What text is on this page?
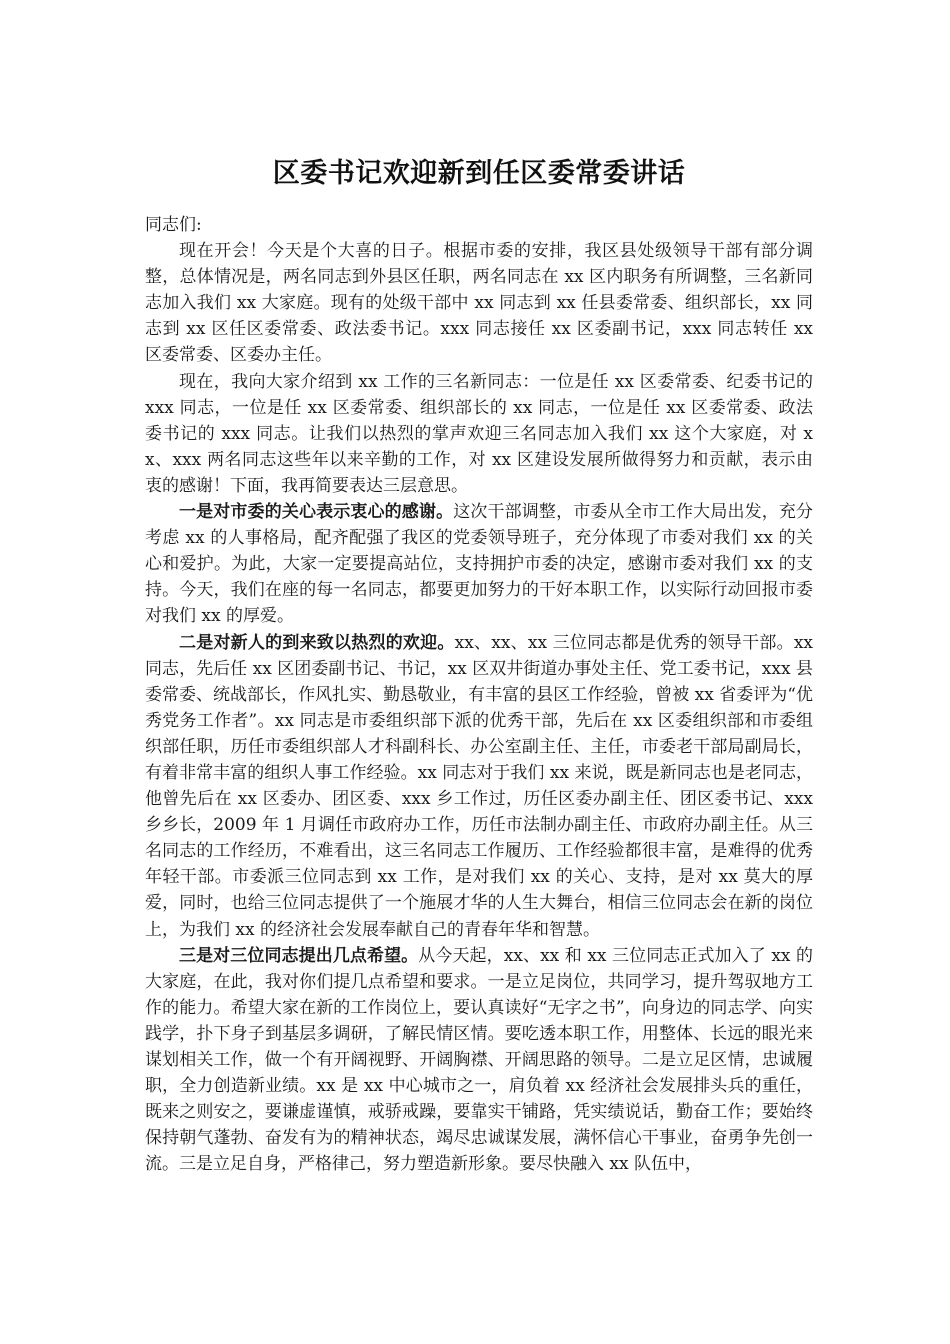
区委书记欢迎新到任区委常委讲话

同志们:

现在开会！今天是个大喜的日子。根据市委的安排，我区县处级领导干部有部分调整，总体情况是，两名同志到外县区任职，两名同志在 xx 区内职务有所调整，三名新同志加入我们 xx 大家庭。现有的处级干部中 xx 同志到 xx 任县委常委、组织部长，xx 同志到 xx 区任区委常委、政法委书记。xxx 同志接任 xx 区委副书记，xxx 同志转任 xx 区委常委、区委办主任。

现在，我向大家介绍到 xx 工作的三名新同志：一位是任 xx 区委常委、纪委书记的 xxx 同志，一位是任 xx 区委常委、组织部长的 xx 同志，一位是任 xx 区委常委、政法委书记的 xxx 同志。让我们以热烈的掌声欢迎三名同志加入我们 xx 这个大家庭，对 xx、xxx 两名同志这些年以来辛勤的工作，对 xx 区建设发展所做得努力和贡献，表示由衷的感谢！下面，我再简要表达三层意思。

一是对市委的关心表示衷心的感谢。这次干部调整，市委从全市工作大局出发，充分考虑 xx 的人事格局，配齐配强了我区的党委领导班子，充分体现了市委对我们 xx 的关心和爱护。为此，大家一定要提高站位，支持拥护市委的决定，感谢市委对我们 xx 的支持。今天，我们在座的每一名同志，都要更加努力的干好本职工作，以实际行动回报市委对我们 xx 的厚爱。

二是对新人的到来致以热烈的欢迎。xx、xx、xx 三位同志都是优秀的领导干部。xx 同志，先后任 xx 区团委副书记、书记，xx 区双井街道办事处主任、党工委书记，xxx 县委常委、统战部长，作风扎实、勤恳敬业，有丰富的县区工作经验，曾被 xx 省委评为“优秀党务工作者”。xx 同志是市委组织部下派的优秀干部，先后在 xx 区委组织部和市委组织部任职，历任市委组织部人才科副科长、办公室副主任、主任，市委老干部局副局长，有着非常丰富的组织人事工作经验。xx 同志对于我们 xx 来说，既是新同志也是老同志，他曾先后在 xx 区委办、团区委、xxx 乡工作过，历任区委办副主任、团区委书记、xxx 乡乡长，2009 年 1 月调任市政府办工作，历任市法制办副主任、市政府办副主任。从三名同志的工作经历，不难看出，这三名同志工作履历、工作经验都很丰富，是难得的优秀年轻干部。市委派三位同志到 xx 工作，是对我们 xx 的关心、支持，是对 xx 莫大的厚爱，同时，也给三位同志提供了一个施展才华的人生大舞台，相信三位同志会在新的岗位上，为我们 xx 的经济社会发展奉献自己的青春年华和智慧。

三是对三位同志提出几点希望。从今天起，xx、xx 和 xx 三位同志正式加入了 xx 的大家庭，在此，我对你们提几点希望和要求。一是立足岗位，共同学习，提升驾驭地方工作的能力。希望大家在新的工作岗位上，要认真读好“无字之书”，向身边的同志学、向实践学，扑下身子到基层多调研，了解民情区情。要吃透本职工作，用整体、长远的眼光来谋划相关工作，做一个有开阔视野、开阔胸襟、开阔思路的领导。二是立足区情，忠诚履职，全力创造新业绩。xx 是 xx 中心城市之一，肩负着 xx 经济社会发展排头兵的重任，既来之则安之，要谦虚谨慎，戒骄戒躁，要靠实干铺路，凭实绩说话，勤奋工作；要始终保持朝气蓬勃、奋发有为的精神状态，竭尽忠诚谋发展，满怀信心干事业，奋勇争先创一流。三是立足自身，严格律己，努力塑造新形象。要尽快融入 xx 队伍中，
